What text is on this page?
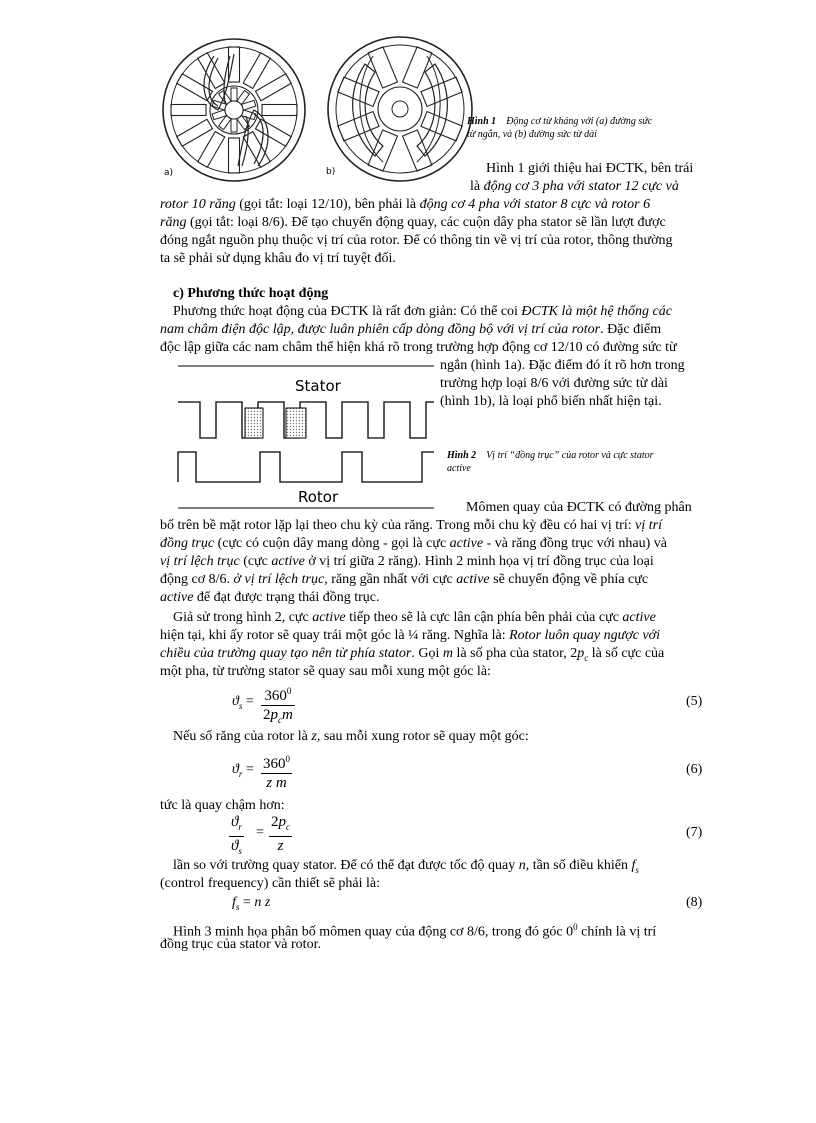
a)	b)
Hình 1 Động cơ từ kháng với (a) đường sức
từ ngắn, và (b) đường sức từ dài
Hình 1 giới thiệu hai ĐCTK, bên trái
là động cơ 3 pha với stator 12 cực và
rotor 10 răng (gọi tắt: loại 12/10), bên phải là động cơ 4 pha với stator 8 cực và rotor 6
răng (gọi tắt: loại 8/6). Để tạo chuyển động quay, các cuộn dây pha stator sẽ lần lượt được
đóng ngắt nguồn phụ thuộc vị trí của rotor. Để có thông tin về vị trí của rotor, thông thường
ta sẽ phải sử dụng khâu đo vị trí tuyệt đối.
c) Phương thức hoạt động
Phương thức hoạt động của ĐCTK là rất đơn giản: Có thể coi ĐCTK là một hệ thống các
nam châm điện độc lập, được luân phiên cấp dòng đồng bộ với vị trí của rotor. Đặc điểm
độc lập giữa các nam châm thể hiện khá rõ trong trường hợp động cơ 12/10 có đường sức từ
ngắn (hình 1a). Đặc điểm đó ít rõ hơn trong
trường hợp loại 8/6 với đường sức từ dài
(hình 1b), là loại phổ biến nhất hiện tại.
Stator
Rotor
Hình 2 Vị trí “đồng trục” của rotor và cực stator
active
Mômen quay của ĐCTK có đường phân
bố trên bề mặt rotor lặp lại theo chu kỳ của răng. Trong mỗi chu kỳ đều có hai vị trí: vị trí
đồng trục (cực có cuộn dây mang dòng - gọi là cực active - và răng đồng trục với nhau) và
vị trí lệch trục (cực active ở vị trí giữa 2 răng). Hình 2 minh họa vị trí đồng trục của loại
động cơ 8/6. ở vị trí lệch trục, răng gần nhất với cực active sẽ chuyển động về phía cực
active để đạt được trạng thái đồng trục.
Giả sử trong hình 2, cực active tiếp theo sẽ là cực lân cận phía bên phải của cực active
hiện tại, khi ấy rotor sẽ quay trái một góc là ¼ răng. Nghĩa là: Rotor luôn quay ngược với
chiều của trường quay tạo nên từ phía stator. Gọi m là số pha của stator, $2p_c$ là số cực của
một pha, từ trường stator sẽ quay sau mỗi xung một góc là:
$ϑ_s = 360^0$
$2p_cm$
(5)
Nếu số răng của rotor là z, sau mỗi xung rotor sẽ quay một góc:
$ϑ_r = 360^0$
z m
(6)
tức là quay chậm hơn:
$ϑ_r$
$ϑ_s$
=
$2p_c$
z
(7)
lần so với trường quay stator. Để có thể đạt được tốc độ quay n, tần số điều khiển $f_s$
(control frequency) cần thiết sẽ phải là:
$f_s = n$ z	(8)
Hình 3 minh họa phân bố mômen quay của động cơ 8/6, trong đó góc $0^0$ chính là vị trí
đồng trục của stator và rotor.
